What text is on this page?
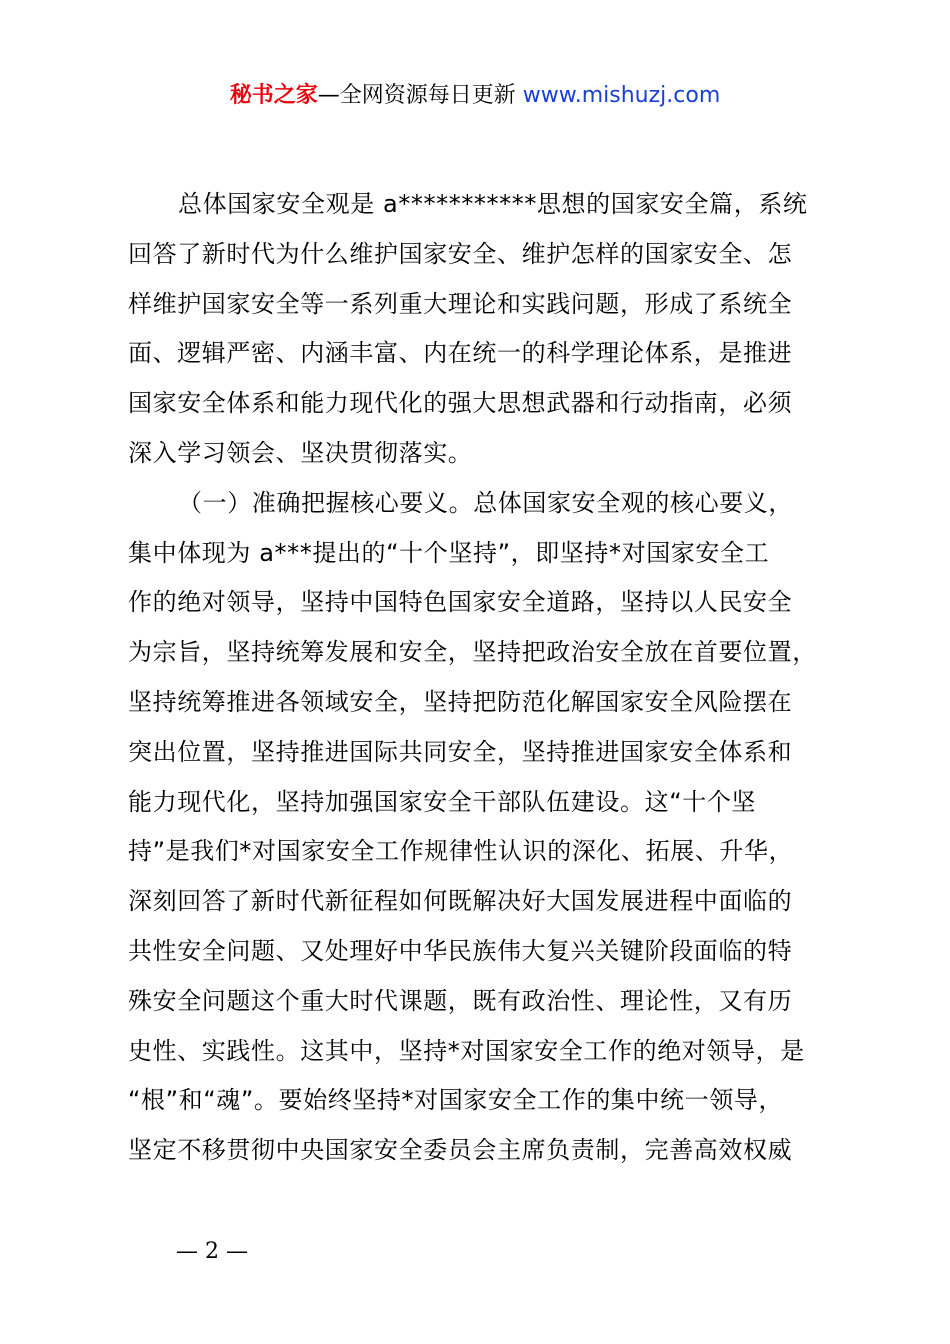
秘书之家—全网资源每日更新 www.mishuzj.com
总体国家安全观是 a***********思想的国家安全篇，系统
回答了新时代为什么维护国家安全、维护怎样的国家安全、怎
样维护国家安全等一系列重大理论和实践问题，形成了系统全
面、逻辑严密、内涵丰富、内在统一的科学理论体系，是推进
国家安全体系和能力现代化的强大思想武器和行动指南，必须
深入学习领会、坚决贯彻落实。
（一）准确把握核心要义。总体国家安全观的核心要义，
集中体现为 a***提出的“十个坚持”，即坚持*对国家安全工
作的绝对领导，坚持中国特色国家安全道路，坚持以人民安全
为宗旨，坚持统筹发展和安全，坚持把政治安全放在首要位置，
坚持统筹推进各领域安全，坚持把防范化解国家安全风险摆在
突出位置，坚持推进国际共同安全，坚持推进国家安全体系和
能力现代化，坚持加强国家安全干部队伍建设。这“十个坚
持”是我们*对国家安全工作规律性认识的深化、拓展、升华，
深刻回答了新时代新征程如何既解决好大国发展进程中面临的
共性安全问题、又处理好中华民族伟大复兴关键阶段面临的特
殊安全问题这个重大时代课题，既有政治性、理论性，又有历
史性、实践性。这其中，坚持*对国家安全工作的绝对领导，是
“根”和“魂”。要始终坚持*对国家安全工作的集中统一领导，
坚定不移贯彻中央国家安全委员会主席负责制，完善高效权威
— 2 —
